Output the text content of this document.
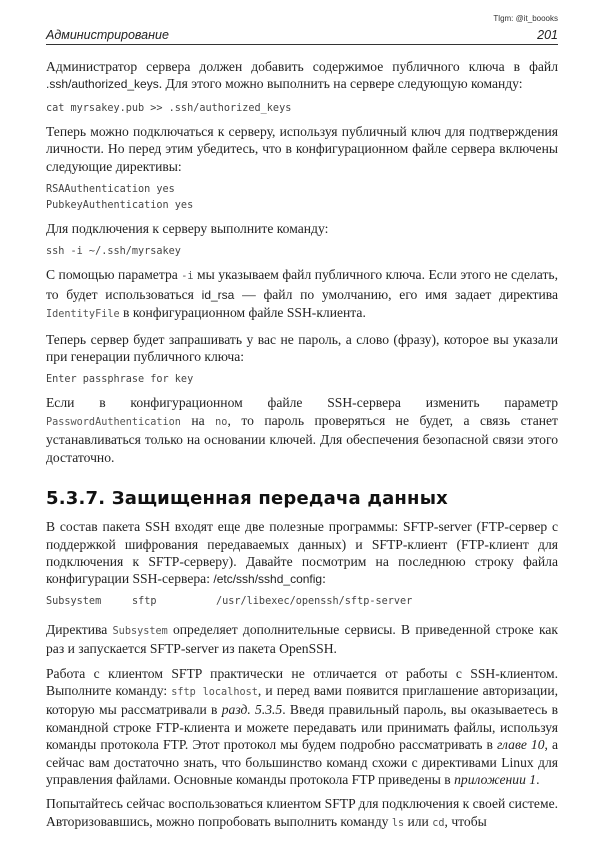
Tlgm: @it_boooks
Администрирование	201

Администратор сервера должен добавить содержимое публичного ключа в файл .ssh/authorized_keys. Для этого можно выполнить на сервере следующую команду:

cat myrsakey.pub >> .ssh/authorized_keys

Теперь можно подключаться к серверу, используя публичный ключ для подтверждения личности. Но перед этим убедитесь, что в конфигурационном файле сервера включены следующие директивы:

RSAAuthentication yes
PubkeyAuthentication yes

Для подключения к серверу выполните команду:

ssh -i ~/.ssh/myrsakey

С помощью параметра -i мы указываем файл публичного ключа. Если этого не сделать, то будет использоваться id_rsa — файл по умолчанию, его имя задает директива IdentityFile в конфигурационном файле SSH-клиента.

Теперь сервер будет запрашивать у вас не пароль, а слово (фразу), которое вы указали при генерации публичного ключа:

Enter passphrase for key

Если в конфигурационном файле SSH-сервера изменить параметр PasswordAuthentication на no, то пароль проверяться не будет, а связь станет устанавливаться только на основании ключей. Для обеспечения безопасной связи этого достаточно.

5.3.7. Защищенная передача данных

В состав пакета SSH входят еще две полезные программы: SFTP-server (FTP-сервер с поддержкой шифрования передаваемых данных) и SFTP-клиент (FTP-клиент для подключения к SFTP-серверу). Давайте посмотрим на последнюю строку файла конфигурации SSH-сервера: /etc/ssh/sshd_config:

Subsystem	sftp	/usr/libexec/openssh/sftp-server

Директива Subsystem определяет дополнительные сервисы. В приведенной строке как раз и запускается SFTP-server из пакета OpenSSH.

Работа с клиентом SFTP практически не отличается от работы с SSH-клиентом. Выполните команду: sftp localhost, и перед вами появится приглашение авторизации, которую мы рассматривали в разд. 5.3.5. Введя правильный пароль, вы оказываетесь в командной строке FTP-клиента и можете передавать или принимать файлы, используя команды протокола FTP. Этот протокол мы будем подробно рассматривать в главе 10, а сейчас вам достаточно знать, что большинство команд схожи с директивами Linux для управления файлами. Основные команды протокола FTP приведены в приложении 1.

Попытайтесь сейчас воспользоваться клиентом SFTP для подключения к своей системе. Авторизовавшись, можно попробовать выполнить команду ls или cd, чтобы
